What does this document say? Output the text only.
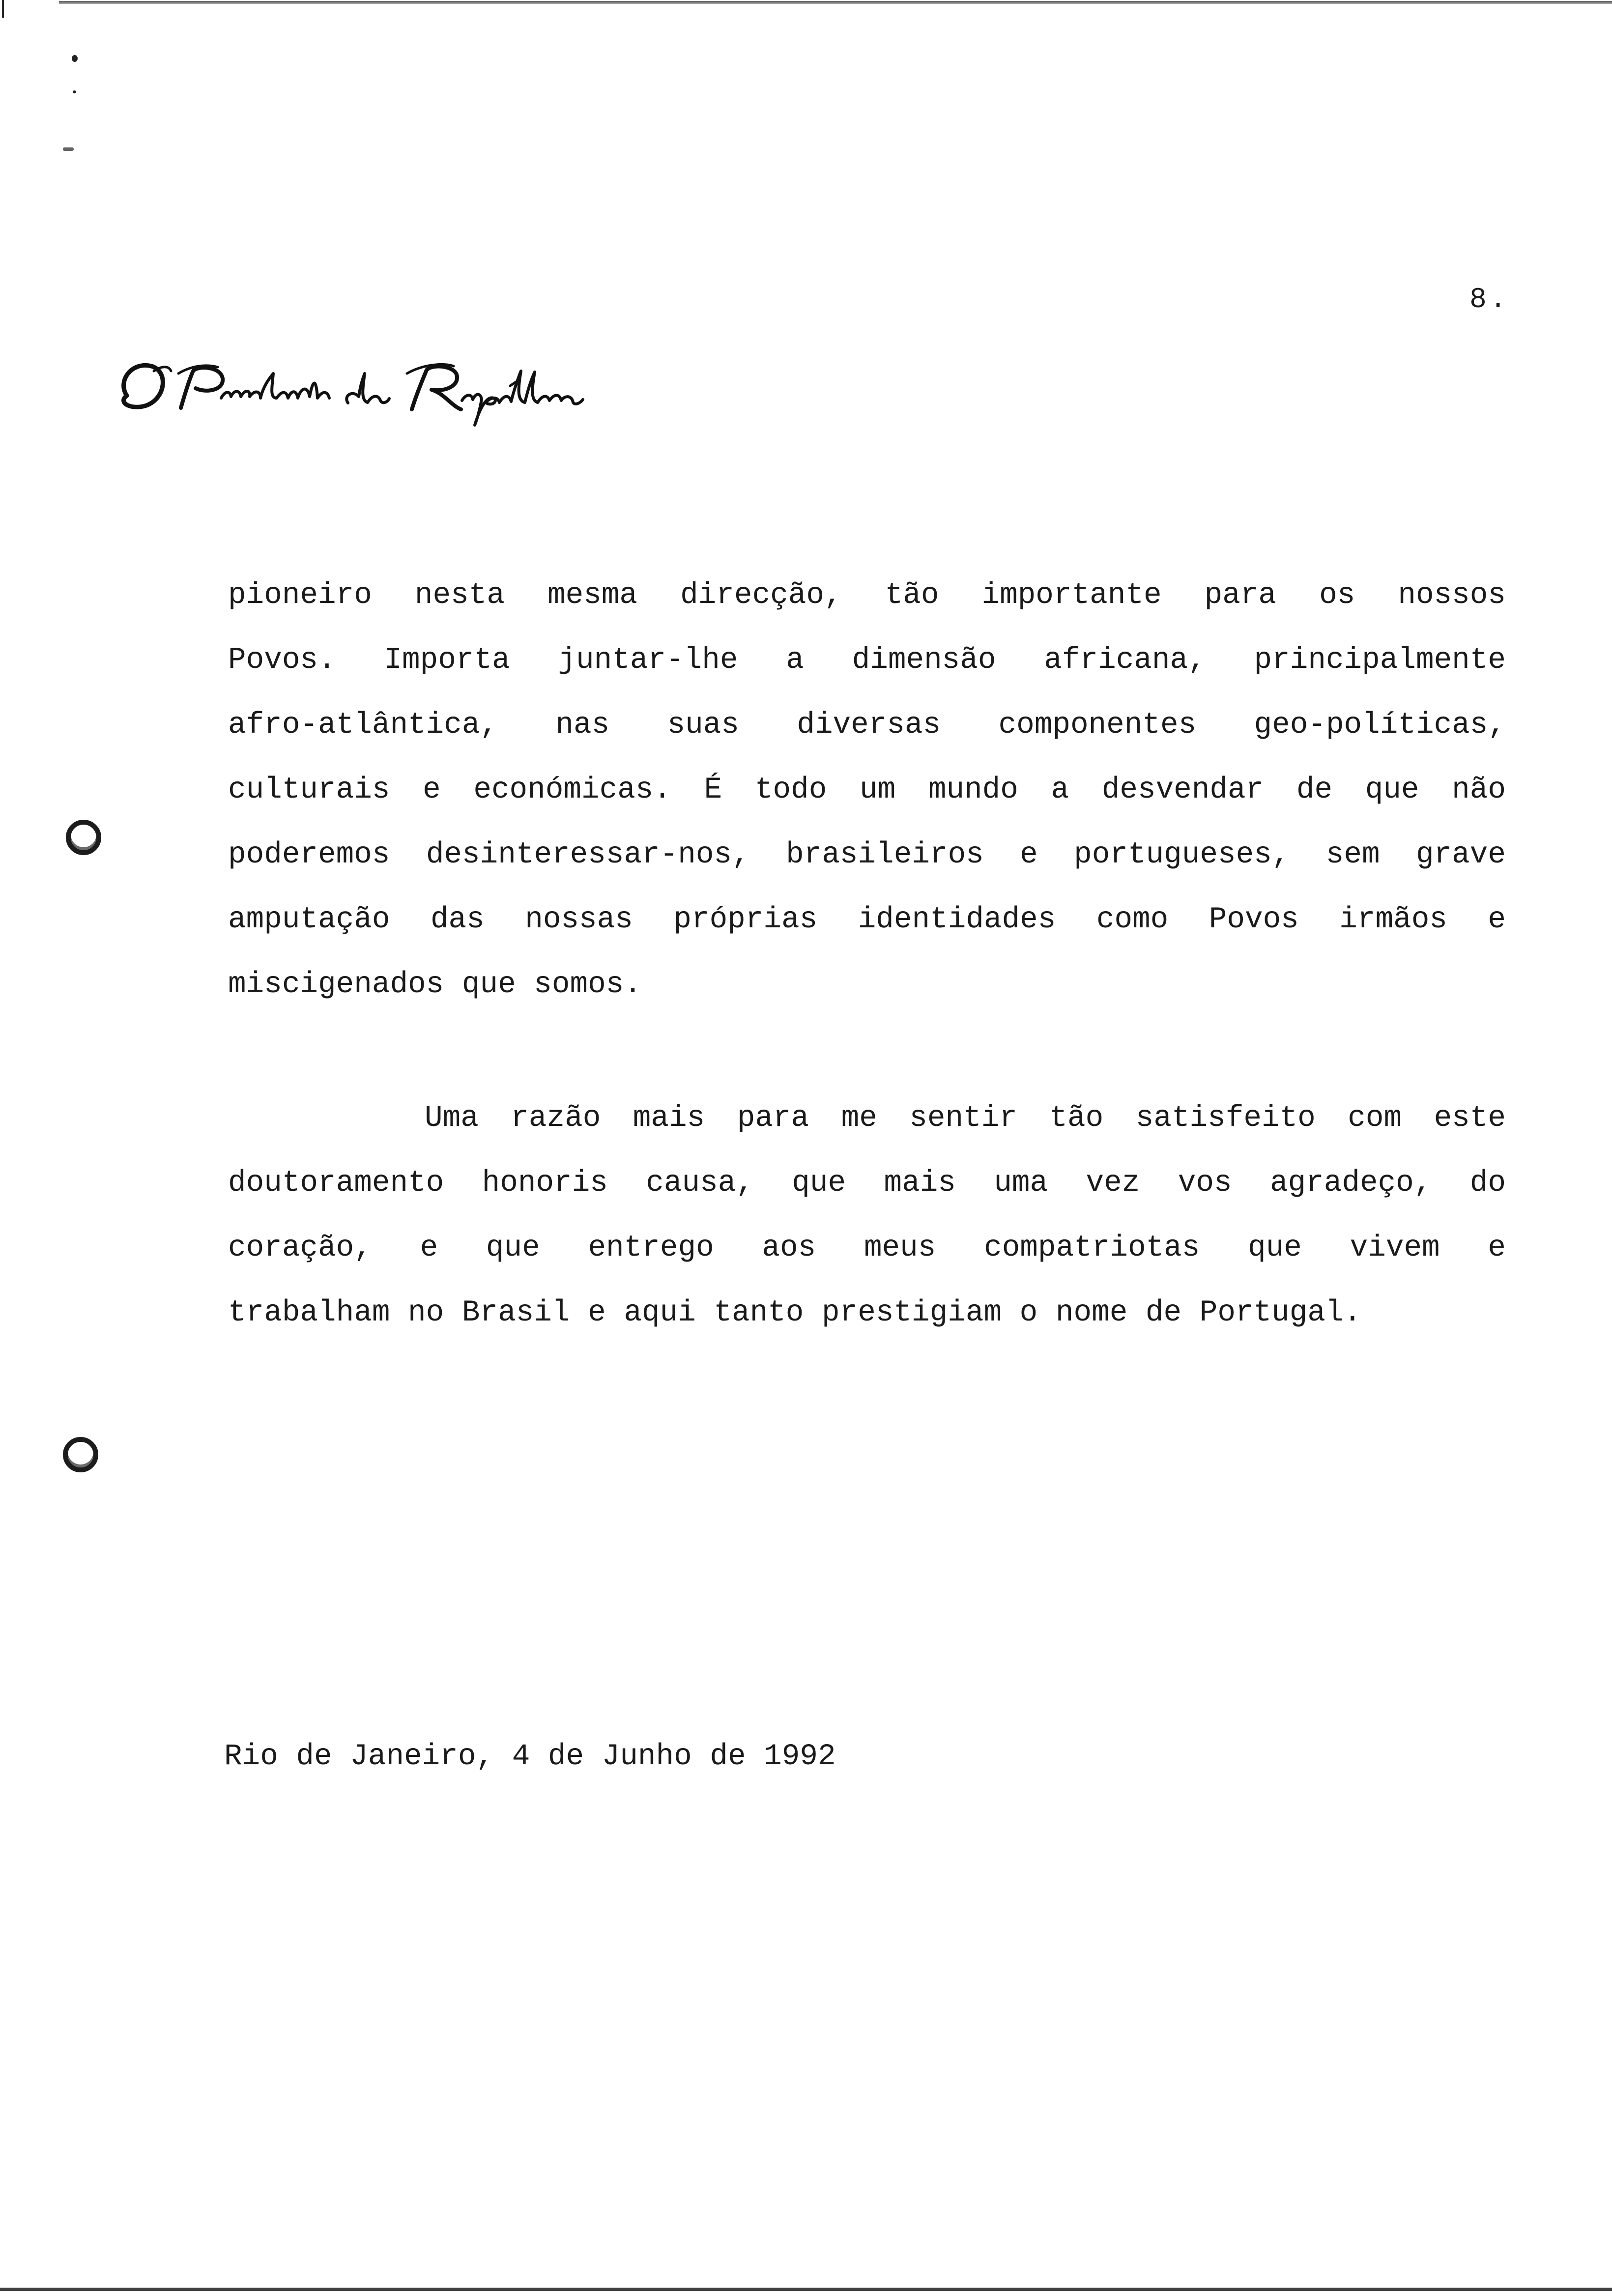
8.
pioneiro nesta mesma direcção, tão importante para os nossos
Povos. Importa juntar-lhe a dimensão africana, principalmente
afro-atlântica, nas suas diversas componentes geo-políticas,
culturais e económicas. É todo um mundo a desvendar de que não
poderemos desinteressar-nos, brasileiros e portugueses, sem grave
amputação das nossas próprias identidades como Povos irmãos e
miscigenados que somos.
Uma razão mais para me sentir tão satisfeito com este
doutoramento honoris causa, que mais uma vez vos agradeço, do
coração, e que entrego aos meus compatriotas que vivem e
trabalham no Brasil e aqui tanto prestigiam o nome de Portugal.
Rio de Janeiro, 4 de Junho de 1992
